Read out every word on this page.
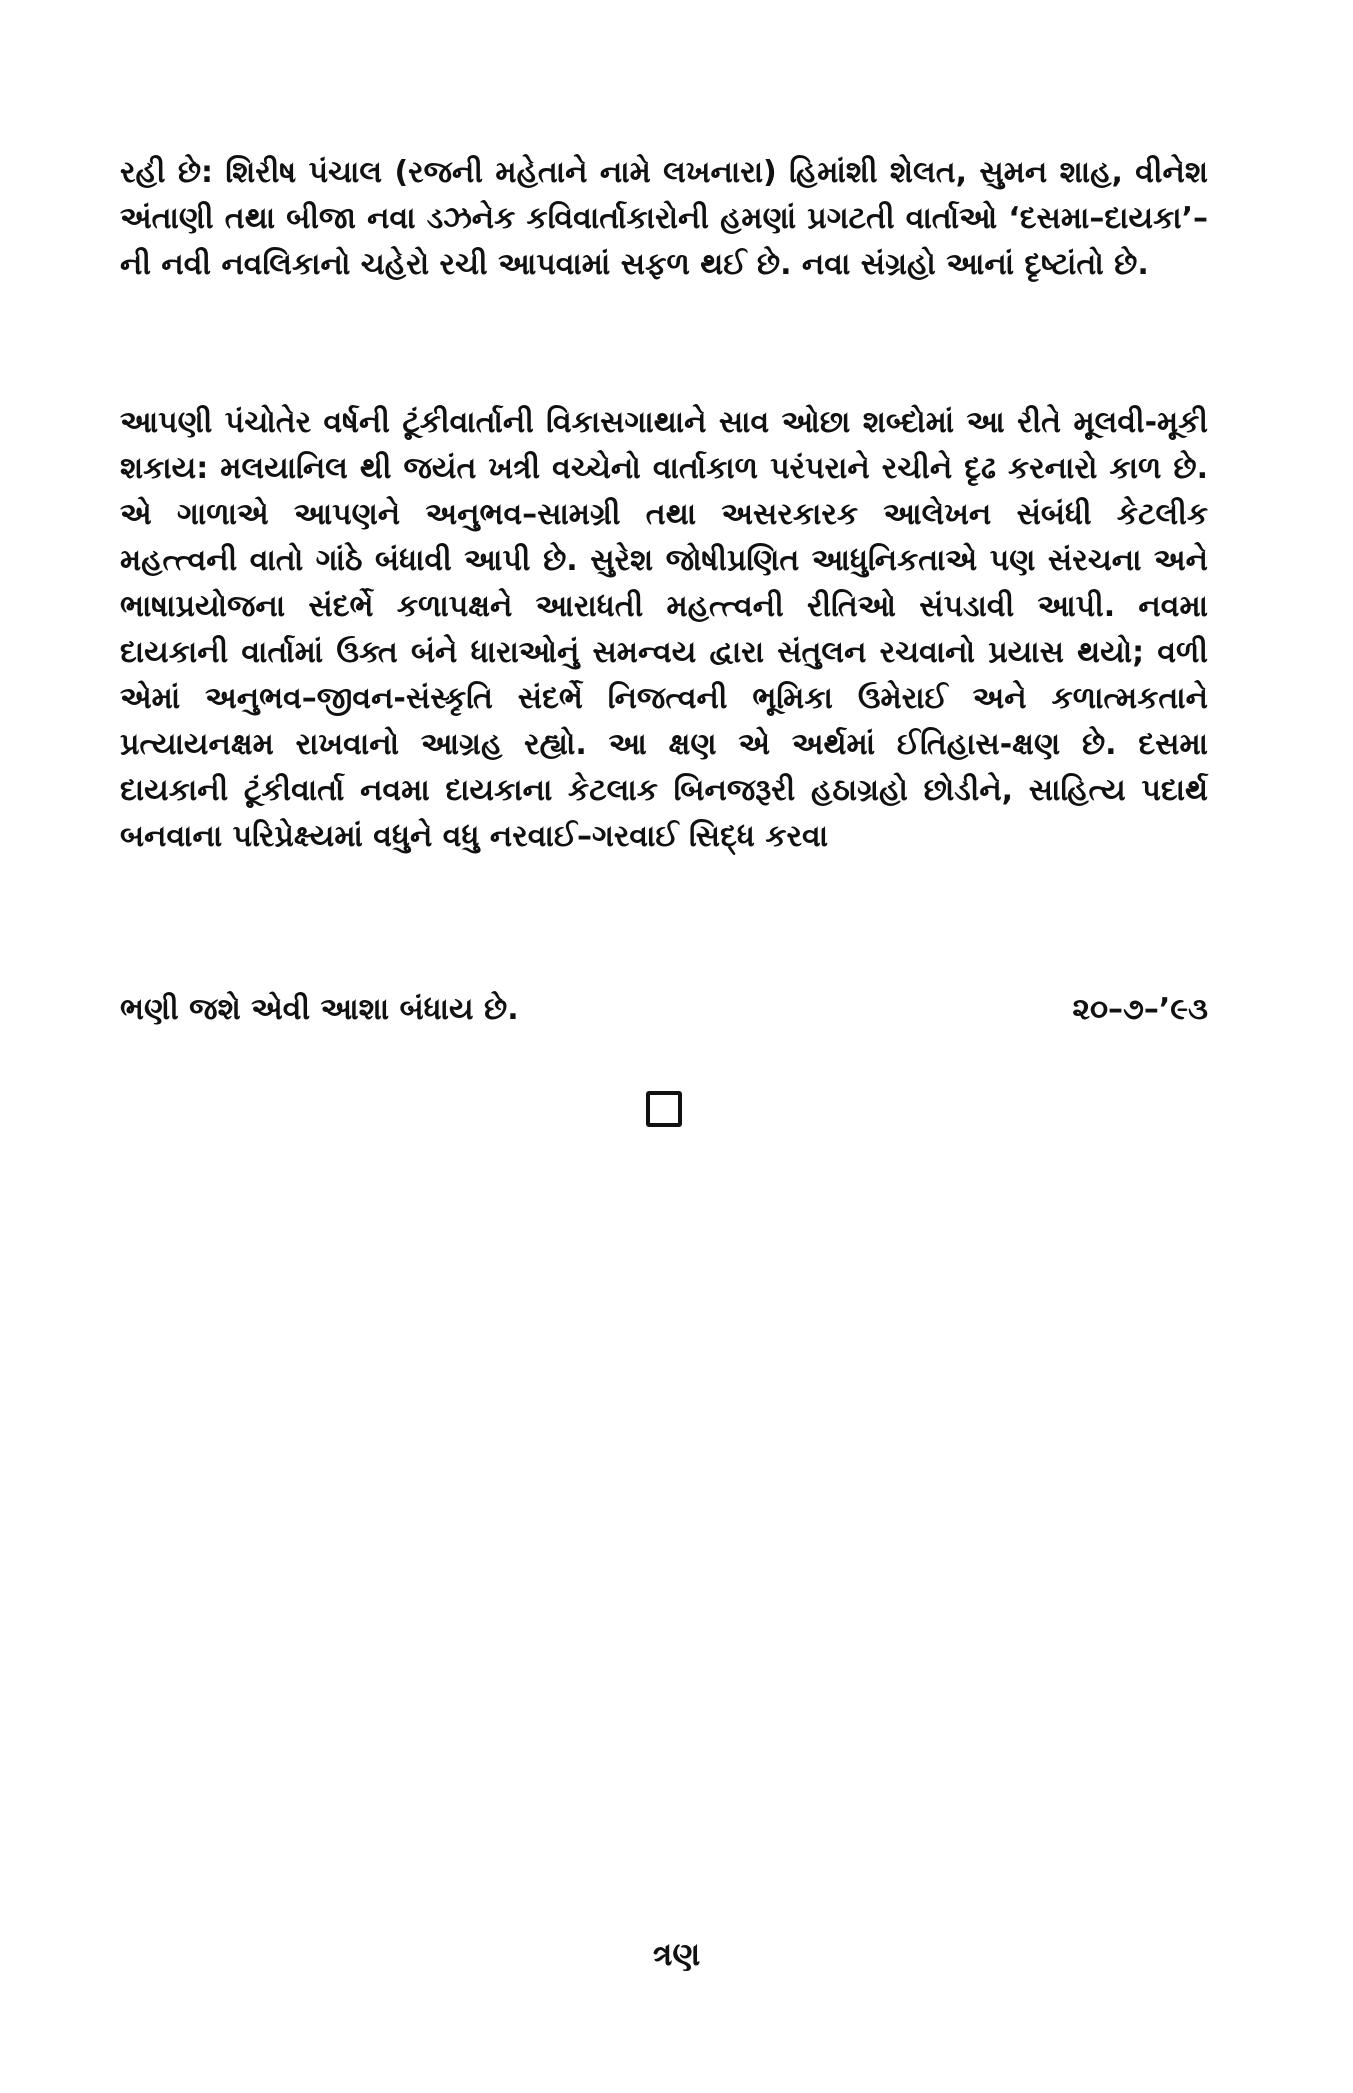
રહી છે: શિરીષ પંચાલ (રજની મહેતાને નામે લખનારા) હિમાંશી શેલત, સુમન શાહ, વીનેશ અંતાણી તથા બીજા નવા ડઝનેક કવિવાર્તાકારોની હમણાં પ્રગટતી વાર્તાઓ ‘દસમા–દાયકા’–ની નવી નવલિકાનો ચહેરો રચી આપવામાં સફળ થઈ છે. નવા સંગ્રહો આનાં દૃષ્ટાંતો છે.

આપણી પંચોતેર વર્ષની ટૂંકીવાર્તાની વિકાસગાથાને સાવ ઓછા શબ્દોમાં આ રીતે મૂલવી-મૂકી શકાય: મલયાનિલ થી જયંત ખત્રી વચ્ચેનો વાર્તાકાળ પરંપરાને રચીને દૃઢ કરનારો કાળ છે. એ ગાળાએ આપણને અનુભવ–સામગ્રી તથા અસરકારક આલેખન સંબંધી કેટલીક મહત્ત્વની વાતો ગાંઠે બંધાવી આપી છે. સુરેશ જોષીપ્રણિત આધુનિકતાએ પણ સંરચના અને ભાષાપ્રયોજના સંદર્ભે કળાપક્ષને આરાધતી મહત્ત્વની રીતિઓ સંપડાવી આપી. નવમા દાયકાની વાર્તામાં ઉક્ત બંને ધારાઓનું સમન્વય દ્વારા સંતુલન રચવાનો પ્રયાસ થયો; વળી એમાં અનુભવ–જીવન-સંસ્કૃતિ સંદર્ભે નિજત્વની ભૂમિકા ઉમેરાઈ અને કળાત્મકતાને પ્રત્યાયનક્ષમ રાખવાનો આગ્રહ રહ્યો. આ ક્ષણ એ અર્થમાં ઈતિહાસ-ક્ષણ છે. દસમા દાયકાની ટૂંકીવાર્તા નવમા દાયકાના કેટલાક બિનજરૂરી હઠાગ્રહો છોડીને, સાહિત્ય પદાર્થ બનવાના પરિપ્રેક્ષ્યમાં વધુને વધુ નરવાઈ–ગરવાઈ સિદ્ધ કરવા

ભણી જશે એવી આશા બંધાય છે.	૨૦–૭–’૯૩
ત્રણ
